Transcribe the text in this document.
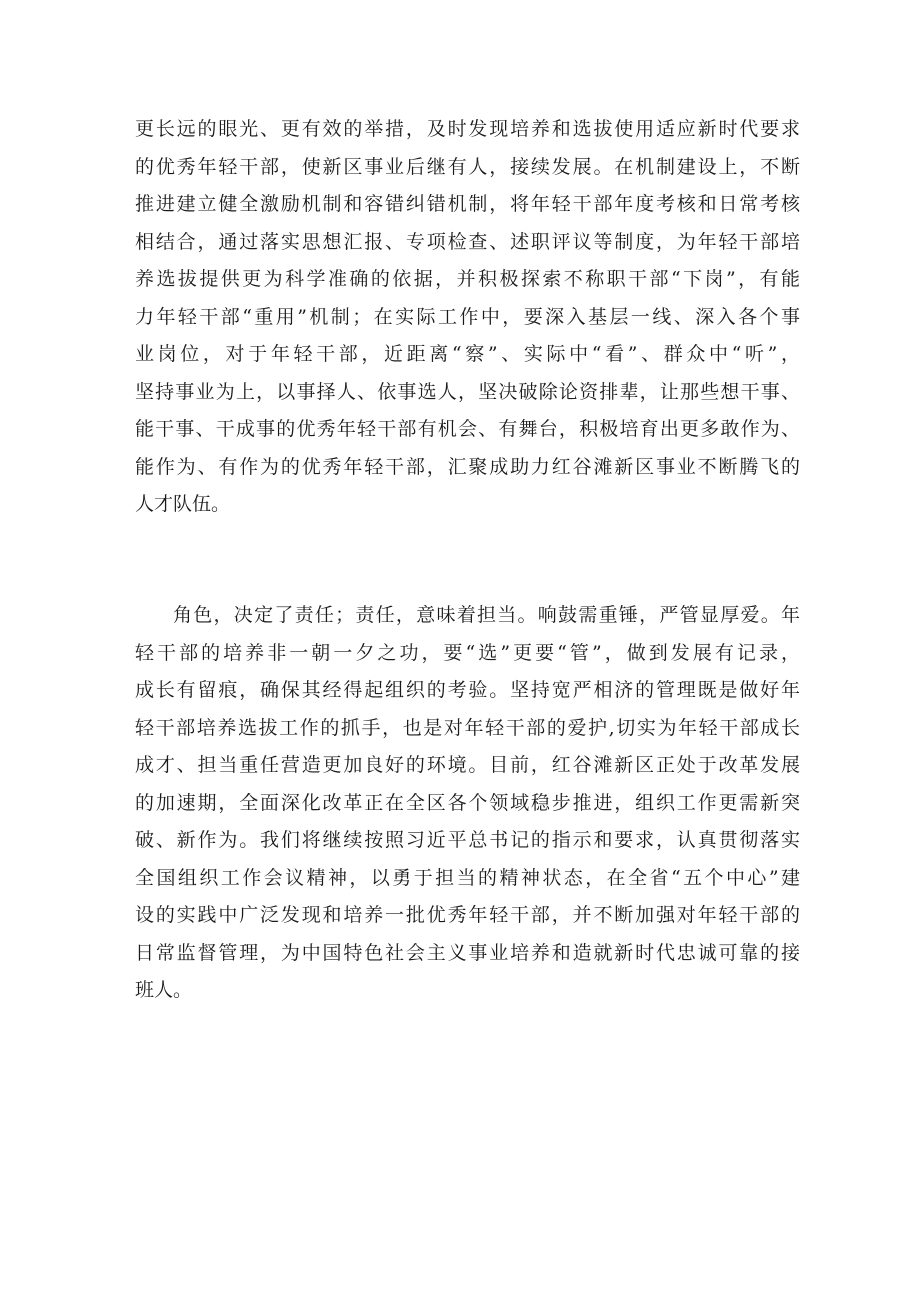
更长远的眼光、更有效的举措，及时发现培养和选拔使用适应新时代要求
的优秀年轻干部，使新区事业后继有人，接续发展。在机制建设上，不断
推进建立健全激励机制和容错纠错机制，将年轻干部年度考核和日常考核
相结合，通过落实思想汇报、专项检查、述职评议等制度，为年轻干部培
养选拔提供更为科学准确的依据，并积极探索不称职干部“下岗”，有能
力年轻干部“重用”机制；在实际工作中，要深入基层一线、深入各个事
业岗位，对于年轻干部，近距离“察”、实际中“看”、群众中“听”，
坚持事业为上，以事择人、依事选人，坚决破除论资排辈，让那些想干事、
能干事、干成事的优秀年轻干部有机会、有舞台，积极培育出更多敢作为、
能作为、有作为的优秀年轻干部，汇聚成助力红谷滩新区事业不断腾飞的
人才队伍。
角色，决定了责任；责任，意味着担当。响鼓需重锤，严管显厚爱。年
轻干部的培养非一朝一夕之功，要“选”更要“管”，做到发展有记录，
成长有留痕，确保其经得起组织的考验。坚持宽严相济的管理既是做好年
轻干部培养选拔工作的抓手，也是对年轻干部的爱护,切实为年轻干部成长
成才、担当重任营造更加良好的环境。目前，红谷滩新区正处于改革发展
的加速期，全面深化改革正在全区各个领域稳步推进，组织工作更需新突
破、新作为。我们将继续按照习近平总书记的指示和要求，认真贯彻落实
全国组织工作会议精神，以勇于担当的精神状态，在全省“五个中心”建
设的实践中广泛发现和培养一批优秀年轻干部，并不断加强对年轻干部的
日常监督管理，为中国特色社会主义事业培养和造就新时代忠诚可靠的接
班人。
